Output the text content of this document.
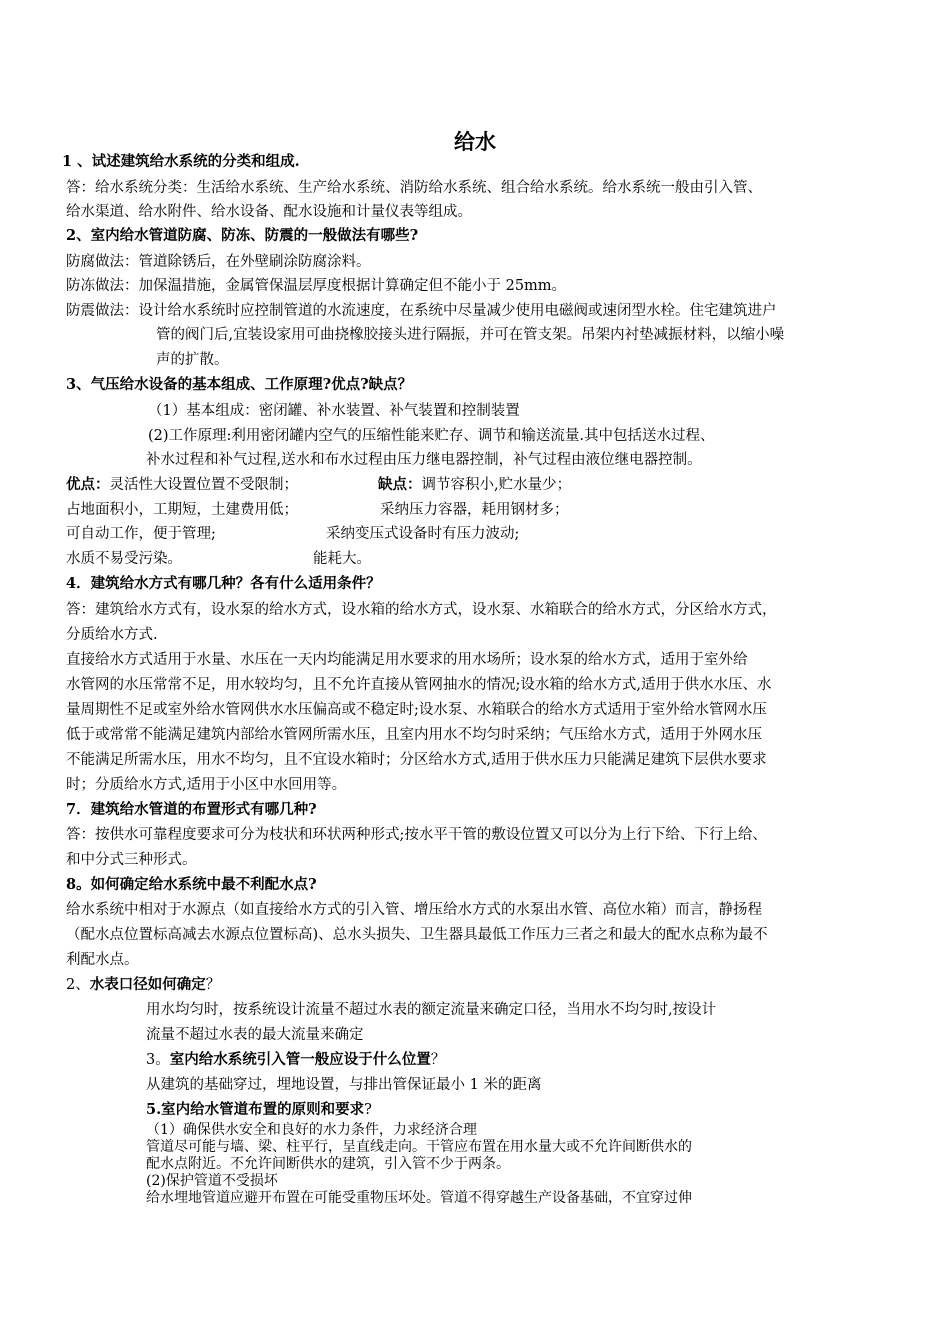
给水
1 、试述建筑给水系统的分类和组成.
答：给水系统分类：生活给水系统、生产给水系统、消防给水系统、组合给水系统。给水系统一般由引入管、
给水渠道、给水附件、给水设备、配水设施和计量仪表等组成。
2、室内给水管道防腐、防冻、防震的一般做法有哪些?
防腐做法：管道除锈后，在外壁刷涂防腐涂料。
防冻做法：加保温措施，金属管保温层厚度根据计算确定但不能小于 25mm。
防震做法：设计给水系统时应控制管道的水流速度，在系统中尽量减少使用电磁阀或速闭型水栓。住宅建筑进户
管的阀门后,宜装设家用可曲挠橡胶接头进行隔振，并可在管支架。吊架内衬垫减振材料，以缩小噪
声的扩散。
3、气压给水设备的基本组成、工作原理?优点?缺点？
（1）基本组成：密闭罐、补水装置、补气装置和控制装置
(2)工作原理:利用密闭罐内空气的压缩性能来贮存、调节和输送流量.其中包括送水过程、
补水过程和补气过程,送水和布水过程由压力继电器控制，补气过程由液位继电器控制。
优点：灵活性大设置位置不受限制；	缺点：调节容积小,贮水量少；
占地面积小，工期短，土建费用低；	采纳压力容器，耗用钢材多；
可自动工作，便于管理;	采纳变压式设备时有压力波动;
水质不易受污染。	能耗大。
4．建筑给水方式有哪几种？各有什么适用条件？
答：建筑给水方式有，设水泵的给水方式，设水箱的给水方式，设水泵、水箱联合的给水方式，分区给水方式，
分质给水方式.
直接给水方式适用于水量、水压在一天内均能满足用水要求的用水场所；设水泵的给水方式，适用于室外给
水管网的水压常常不足，用水较均匀，且不允许直接从管网抽水的情况;设水箱的给水方式,适用于供水水压、水
量周期性不足或室外给水管网供水水压偏高或不稳定时;设水泵、水箱联合的给水方式适用于室外给水管网水压
低于或常常不能满足建筑内部给水管网所需水压，且室内用水不均匀时采纳；气压给水方式，适用于外网水压
不能满足所需水压，用水不均匀，且不宜设水箱时；分区给水方式,适用于供水压力只能满足建筑下层供水要求
时；分质给水方式,适用于小区中水回用等。
7．建筑给水管道的布置形式有哪几种?
答：按供水可靠程度要求可分为枝状和环状两种形式;按水平干管的敷设位置又可以分为上行下给、下行上给、
和中分式三种形式。
8。如何确定给水系统中最不利配水点?
给水系统中相对于水源点（如直接给水方式的引入管、增压给水方式的水泵出水管、高位水箱）而言，静扬程
（配水点位置标高减去水源点位置标高)、总水头损失、卫生器具最低工作压力三者之和最大的配水点称为最不
利配水点。
2、水表口径如何确定？
用水均匀时，按系统设计流量不超过水表的额定流量来确定口径，当用水不均匀时,按设计
流量不超过水表的最大流量来确定
3。室内给水系统引入管一般应设于什么位置？
从建筑的基础穿过，埋地设置，与排出管保证最小 1 米的距离
5.室内给水管道布置的原则和要求?
（1）确保供水安全和良好的水力条件，力求经济合理
管道尽可能与墙、梁、柱平行，呈直线走向。干管应布置在用水量大或不允许间断供水的
配水点附近。不允许间断供水的建筑，引入管不少于两条。
(2)保护管道不受损坏
给水埋地管道应避开布置在可能受重物压坏处。管道不得穿越生产设备基础，不宜穿过伸
